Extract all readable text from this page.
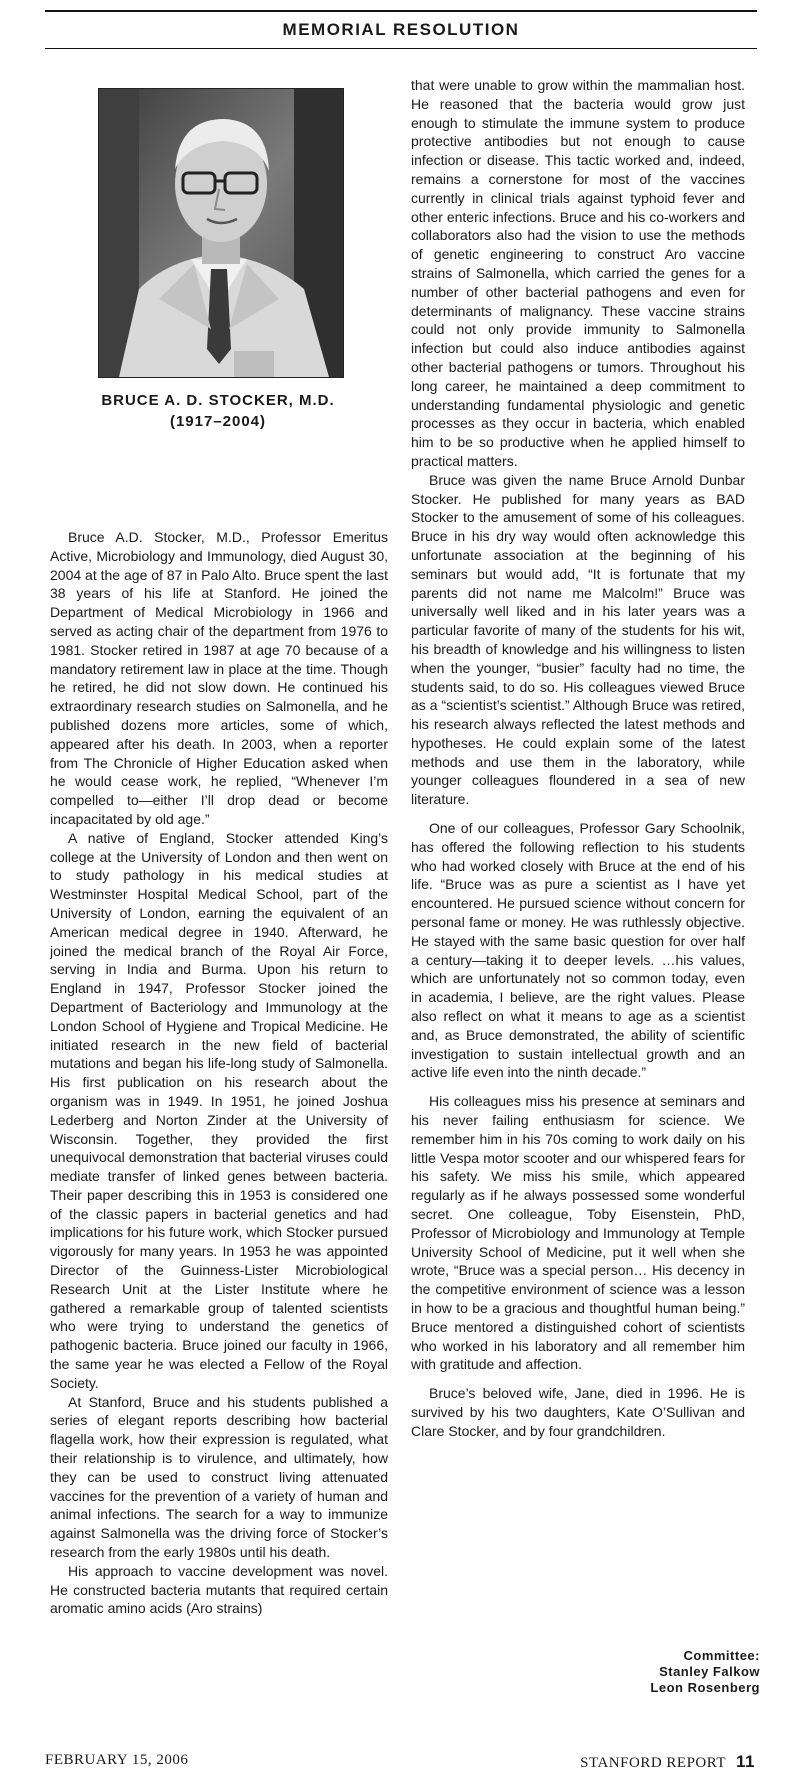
MEMORIAL RESOLUTION
BRUCE A. D. STOCKER, M.D.
(1917–2004)

Bruce A.D. Stocker, M.D., Professor Emeritus Active, Microbiology and Immunology, died August 30, 2004 at the age of 87 in Palo Alto. Bruce spent the last 38 years of his life at Stanford. He joined the Department of Medical Microbiology in 1966 and served as acting chair of the department from 1976 to 1981. Stocker retired in 1987 at age 70 because of a mandatory retirement law in place at the time. Though he retired, he did not slow down. He continued his extraordinary research studies on Salmonella, and he published dozens more articles, some of which, appeared after his death. In 2003, when a reporter from The Chronicle of Higher Education asked when he would cease work, he replied, “Whenever I’m compelled to—either I’ll drop dead or become incapacitated by old age.”

A native of England, Stocker attended King’s college at the University of London and then went on to study pathology in his medical studies at Westminster Hospital Medical School, part of the University of London, earning the equivalent of an American medical degree in 1940. Afterward, he joined the medical branch of the Royal Air Force, serving in India and Burma. Upon his return to England in 1947, Professor Stocker joined the Department of Bacteriology and Immunology at the London School of Hygiene and Tropical Medicine. He initiated research in the new field of bacterial mutations and began his life-long study of Salmonella. His first publication on his research about the organism was in 1949. In 1951, he joined Joshua Lederberg and Norton Zinder at the University of Wisconsin. Together, they provided the first unequivocal demonstration that bacterial viruses could mediate transfer of linked genes between bacteria. Their paper describing this in 1953 is considered one of the classic papers in bacterial genetics and had implications for his future work, which Stocker pursued vigorously for many years. In 1953 he was appointed Director of the Guinness-Lister Microbiological Research Unit at the Lister Institute where he gathered a remarkable group of talented scientists who were trying to understand the genetics of pathogenic bacteria. Bruce joined our faculty in 1966, the same year he was elected a Fellow of the Royal Society.

At Stanford, Bruce and his students published a series of elegant reports describing how bacterial flagella work, how their expression is regulated, what their relationship is to virulence, and ultimately, how they can be used to construct living attenuated vaccines for the prevention of a variety of human and animal infections. The search for a way to immunize against Salmonella was the driving force of Stocker’s research from the early 1980s until his death.

His approach to vaccine development was novel. He constructed bacteria mutants that required certain aromatic amino acids (Aro strains)

that were unable to grow within the mammalian host. He reasoned that the bacteria would grow just enough to stimulate the immune system to produce protective antibodies but not enough to cause infection or disease. This tactic worked and, indeed, remains a cornerstone for most of the vaccines currently in clinical trials against typhoid fever and other enteric infections. Bruce and his co-workers and collaborators also had the vision to use the methods of genetic engineering to construct Aro vaccine strains of Salmonella, which carried the genes for a number of other bacterial pathogens and even for determinants of malignancy. These vaccine strains could not only provide immunity to Salmonella infection but could also induce antibodies against other bacterial pathogens or tumors. Throughout his long career, he maintained a deep commitment to understanding fundamental physiologic and genetic processes as they occur in bacteria, which enabled him to be so productive when he applied himself to practical matters.

Bruce was given the name Bruce Arnold Dunbar Stocker. He published for many years as BAD Stocker to the amusement of some of his colleagues. Bruce in his dry way would often acknowledge this unfortunate association at the beginning of his seminars but would add, “It is fortunate that my parents did not name me Malcolm!” Bruce was universally well liked and in his later years was a particular favorite of many of the students for his wit, his breadth of knowledge and his willingness to listen when the younger, “busier” faculty had no time, the students said, to do so. His colleagues viewed Bruce as a “scientist’s scientist.” Although Bruce was retired, his research always reflected the latest methods and hypotheses. He could explain some of the latest methods and use them in the laboratory, while younger colleagues floundered in a sea of new literature.

One of our colleagues, Professor Gary Schoolnik, has offered the following reflection to his students who had worked closely with Bruce at the end of his life. “Bruce was as pure a scientist as I have yet encountered. He pursued science without concern for personal fame or money. He was ruthlessly objective. He stayed with the same basic question for over half a century—taking it to deeper levels. …his values, which are unfortunately not so common today, even in academia, I believe, are the right values. Please also reflect on what it means to age as a scientist and, as Bruce demonstrated, the ability of scientific investigation to sustain intellectual growth and an active life even into the ninth decade.”

His colleagues miss his presence at seminars and his never failing enthusiasm for science. We remember him in his 70s coming to work daily on his little Vespa motor scooter and our whispered fears for his safety. We miss his smile, which appeared regularly as if he always possessed some wonderful secret. One colleague, Toby Eisenstein, PhD, Professor of Microbiology and Immunology at Temple University School of Medicine, put it well when she wrote, “Bruce was a special person… His decency in the competitive environment of science was a lesson in how to be a gracious and thoughtful human being.” Bruce mentored a distinguished cohort of scientists who worked in his laboratory and all remember him with gratitude and affection.

Bruce’s beloved wife, Jane, died in 1996. He is survived by his two daughters, Kate O’Sullivan and Clare Stocker, and by four grandchildren.

Committee:
Stanley Falkow
Leon Rosenberg
FEBRUARY 15, 2006	STANFORD REPORT 11
